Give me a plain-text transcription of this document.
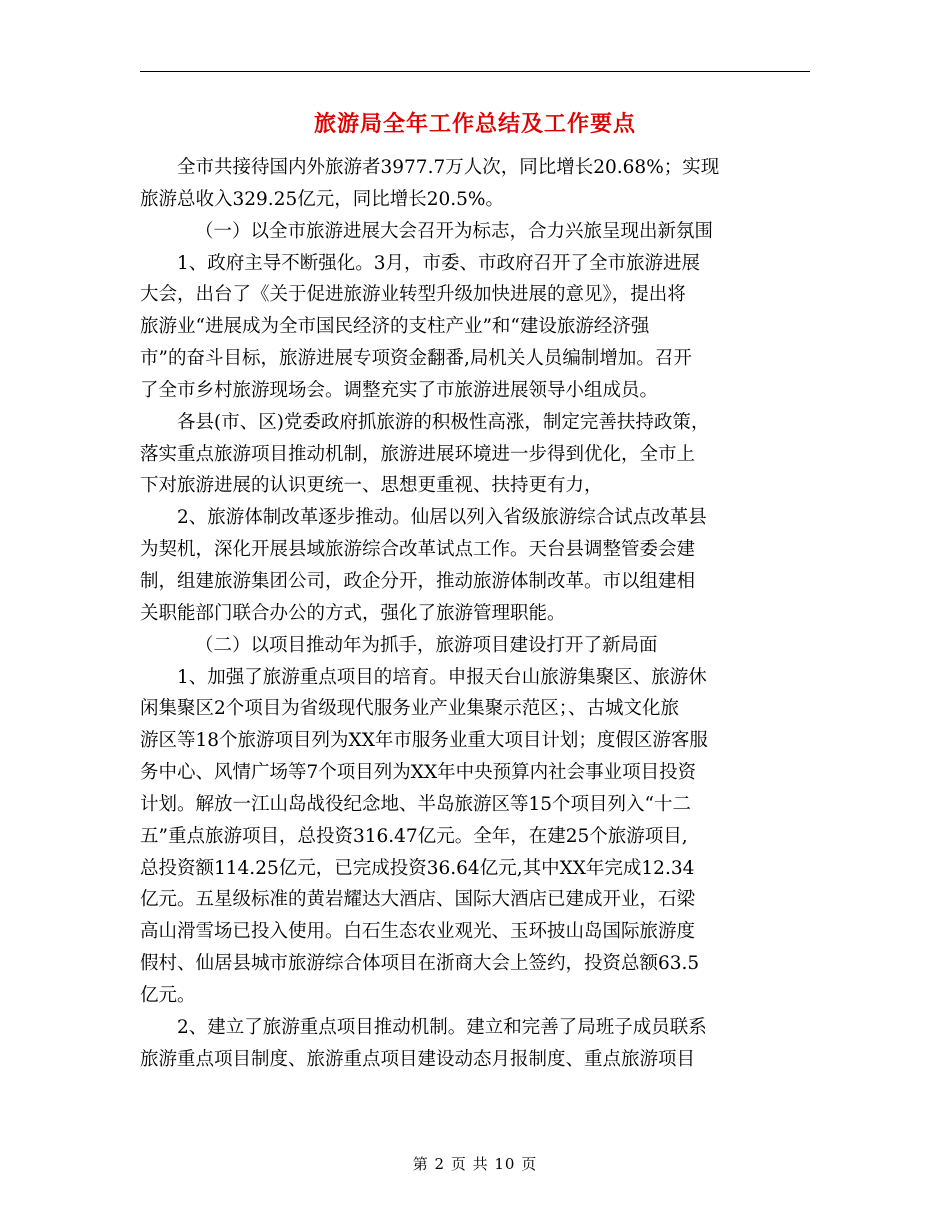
旅游局全年工作总结及工作要点
全市共接待国内外旅游者3977.7万人次，同比增长20.68%；实现
旅游总收入329.25亿元，同比增长20.5%。
（一）以全市旅游进展大会召开为标志，合力兴旅呈现出新氛围
1、政府主导不断强化。3月，市委、市政府召开了全市旅游进展
大会，出台了《关于促进旅游业转型升级加快进展的意见》，提出将
旅游业“进展成为全市国民经济的支柱产业”和“建设旅游经济强
市”的奋斗目标，旅游进展专项资金翻番,局机关人员编制增加。召开
了全市乡村旅游现场会。调整充实了市旅游进展领导小组成员。
各县(市、区)党委政府抓旅游的积极性高涨，制定完善扶持政策，
落实重点旅游项目推动机制，旅游进展环境进一步得到优化，全市上
下对旅游进展的认识更统一、思想更重视、扶持更有力，
2、旅游体制改革逐步推动。仙居以列入省级旅游综合试点改革县
为契机，深化开展县域旅游综合改革试点工作。天台县调整管委会建
制，组建旅游集团公司，政企分开，推动旅游体制改革。市以组建相
关职能部门联合办公的方式，强化了旅游管理职能。
（二）以项目推动年为抓手，旅游项目建设打开了新局面
1、加强了旅游重点项目的培育。申报天台山旅游集聚区、旅游休
闲集聚区2个项目为省级现代服务业产业集聚示范区；、古城文化旅
游区等18个旅游项目列为XX年市服务业重大项目计划；度假区游客服
务中心、风情广场等7个项目列为XX年中央预算内社会事业项目投资
计划。解放一江山岛战役纪念地、半岛旅游区等15个项目列入“十二
五”重点旅游项目，总投资316.47亿元。全年，在建25个旅游项目,
总投资额114.25亿元，已完成投资36.64亿元,其中XX年完成12.34
亿元。五星级标准的黄岩耀达大酒店、国际大酒店已建成开业，石梁
高山滑雪场已投入使用。白石生态农业观光、玉环披山岛国际旅游度
假村、仙居县城市旅游综合体项目在浙商大会上签约，投资总额63.5
亿元。
2、建立了旅游重点项目推动机制。建立和完善了局班子成员联系
旅游重点项目制度、旅游重点项目建设动态月报制度、重点旅游项目
第 2 页 共 10 页
